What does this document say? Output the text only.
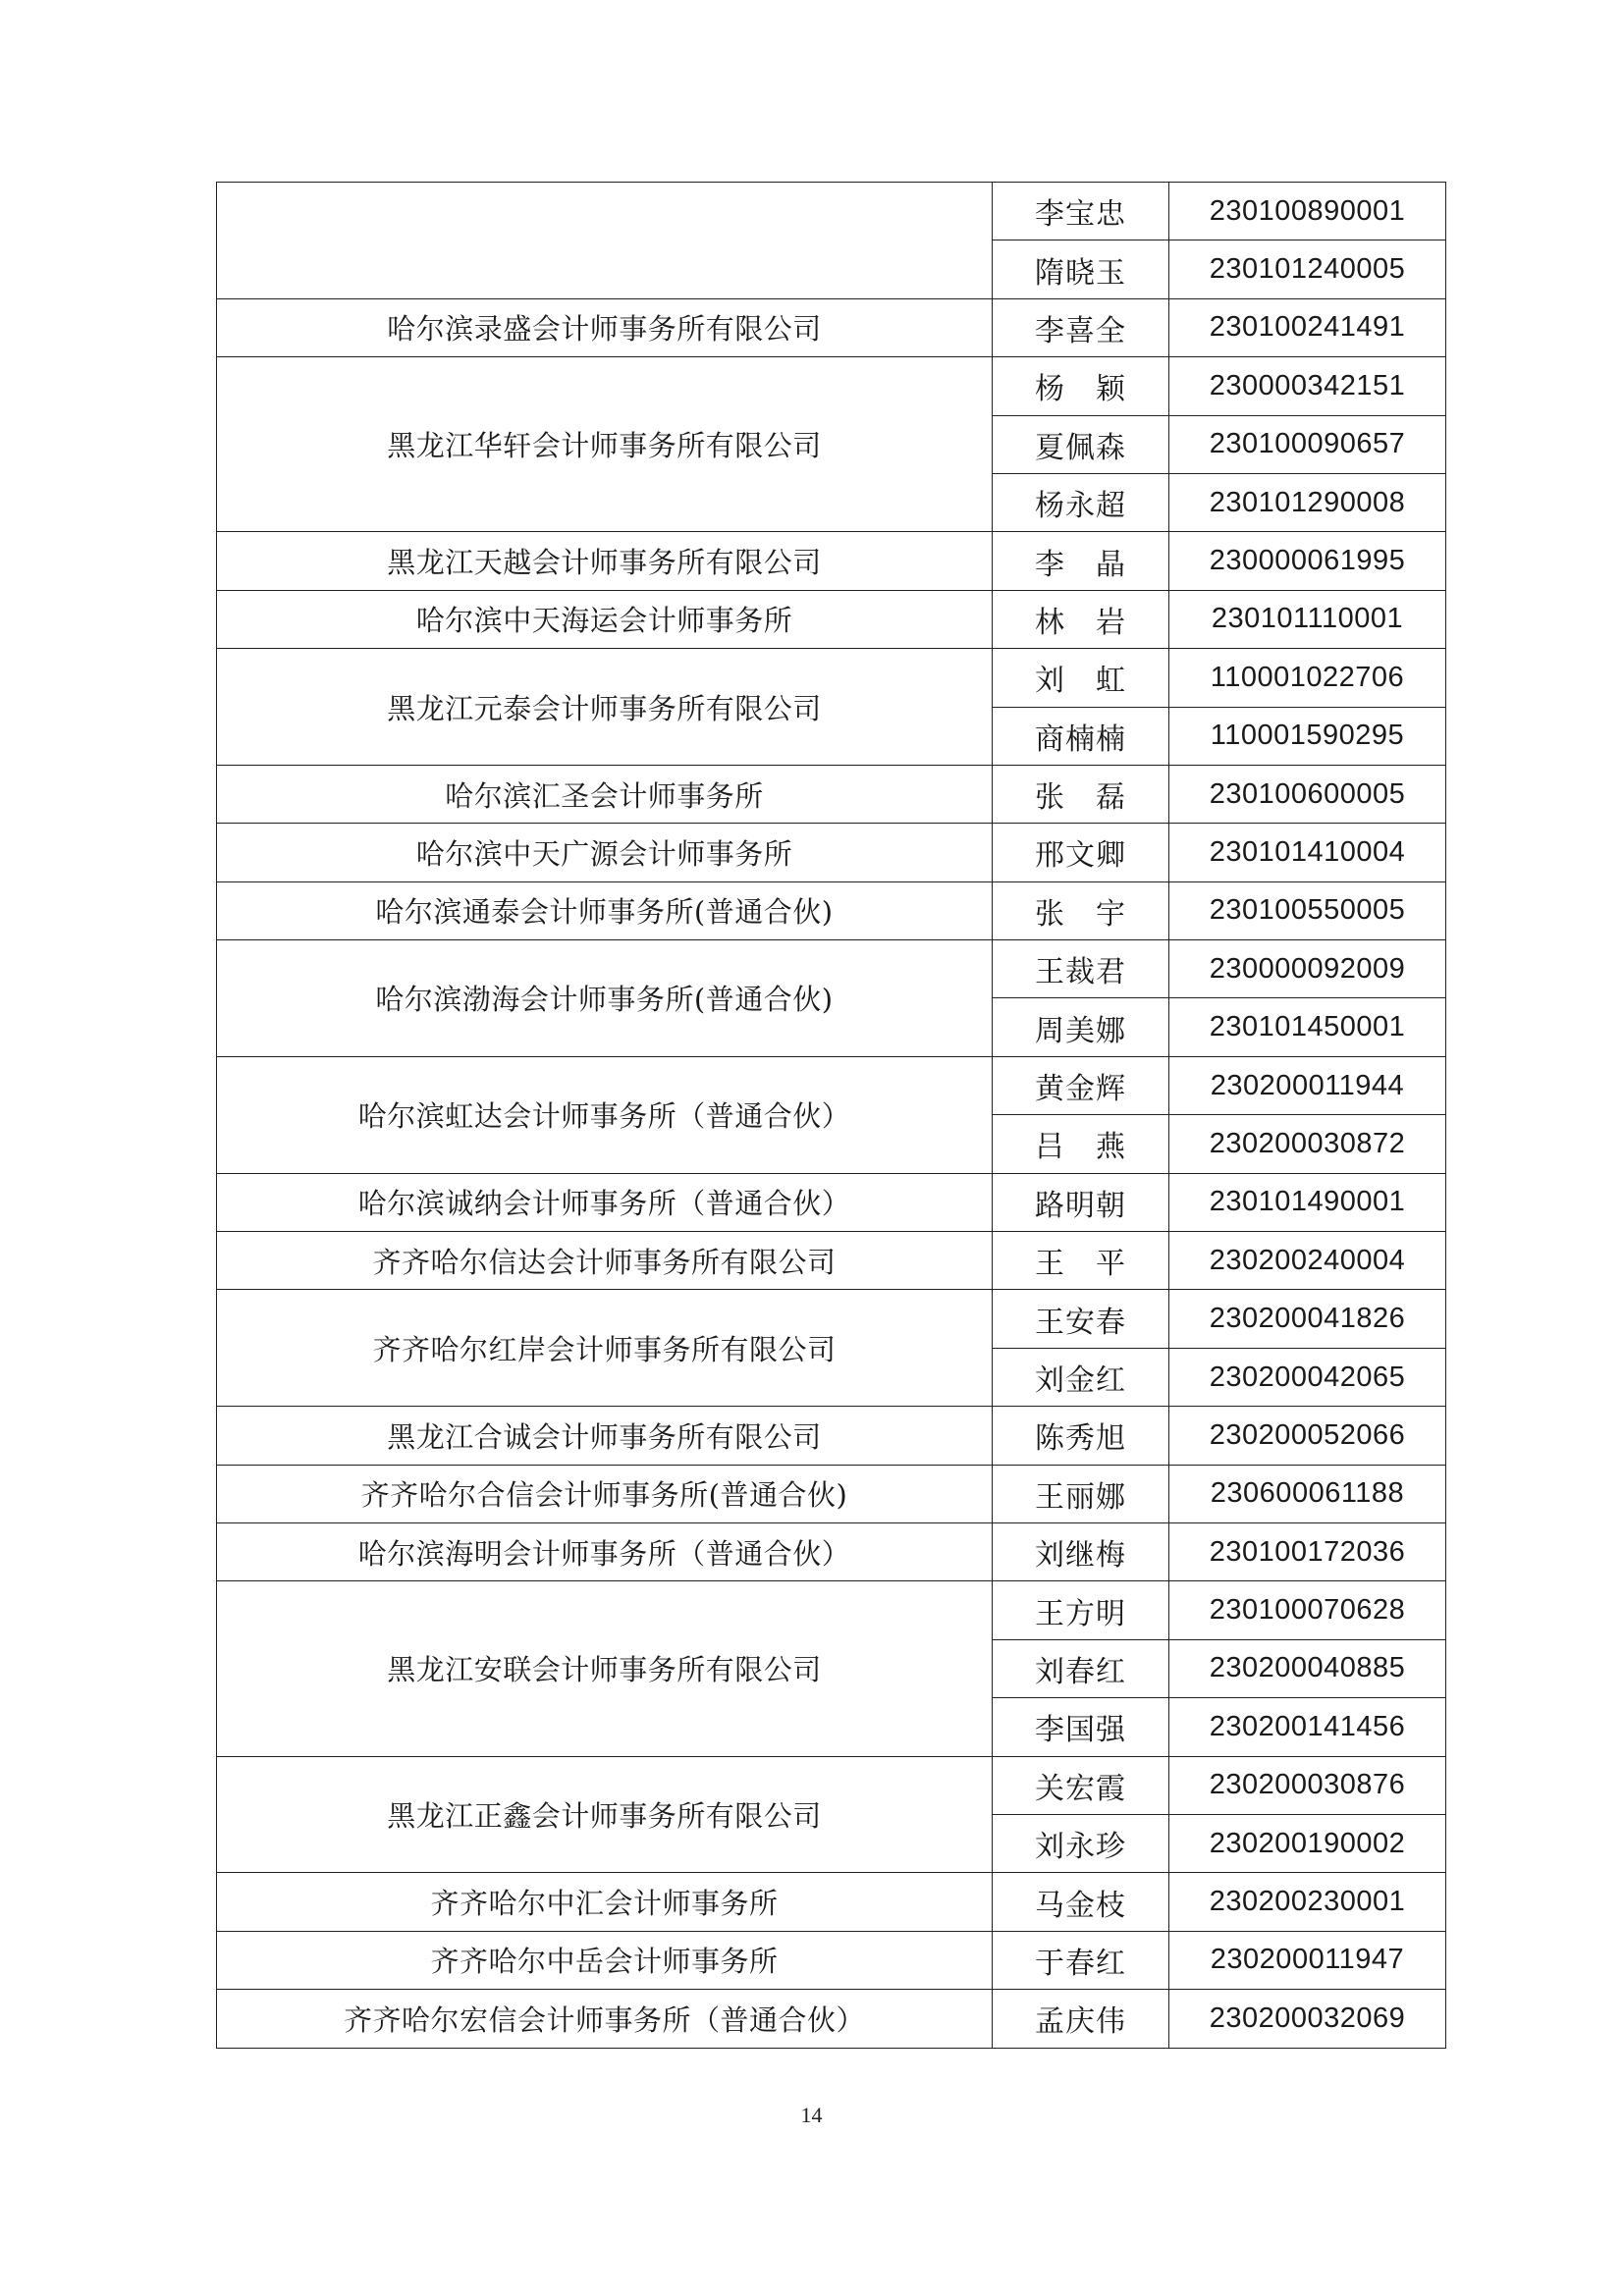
	李宝忠	230100890001
	隋晓玉	230101240005
哈尔滨录盛会计师事务所有限公司	李喜全	230100241491
黑龙江华轩会计师事务所有限公司	杨　颖	230000342151
	夏佩森	230100090657
	杨永超	230101290008
黑龙江天越会计师事务所有限公司	李　晶	230000061995
哈尔滨中天海运会计师事务所	林　岩	230101110001
黑龙江元泰会计师事务所有限公司	刘　虹	110001022706
	商楠楠	110001590295
哈尔滨汇圣会计师事务所	张　磊	230100600005
哈尔滨中天广源会计师事务所	邢文卿	230101410004
哈尔滨通泰会计师事务所(普通合伙)	张　宇	230100550005
哈尔滨渤海会计师事务所(普通合伙)	王裁君	230000092009
	周美娜	230101450001
哈尔滨虹达会计师事务所（普通合伙）	黄金辉	230200011944
	吕　燕	230200030872
哈尔滨诚纳会计师事务所（普通合伙）	路明朝	230101490001
齐齐哈尔信达会计师事务所有限公司	王　平	230200240004
齐齐哈尔红岸会计师事务所有限公司	王安春	230200041826
	刘金红	230200042065
黑龙江合诚会计师事务所有限公司	陈秀旭	230200052066
齐齐哈尔合信会计师事务所(普通合伙)	王丽娜	230600061188
哈尔滨海明会计师事务所（普通合伙）	刘继梅	230100172036
黑龙江安联会计师事务所有限公司	王方明	230100070628
	刘春红	230200040885
	李国强	230200141456
黑龙江正鑫会计师事务所有限公司	关宏霞	230200030876
	刘永珍	230200190002
齐齐哈尔中汇会计师事务所	马金枝	230200230001
齐齐哈尔中岳会计师事务所	于春红	230200011947
齐齐哈尔宏信会计师事务所（普通合伙）	孟庆伟	230200032069
14
